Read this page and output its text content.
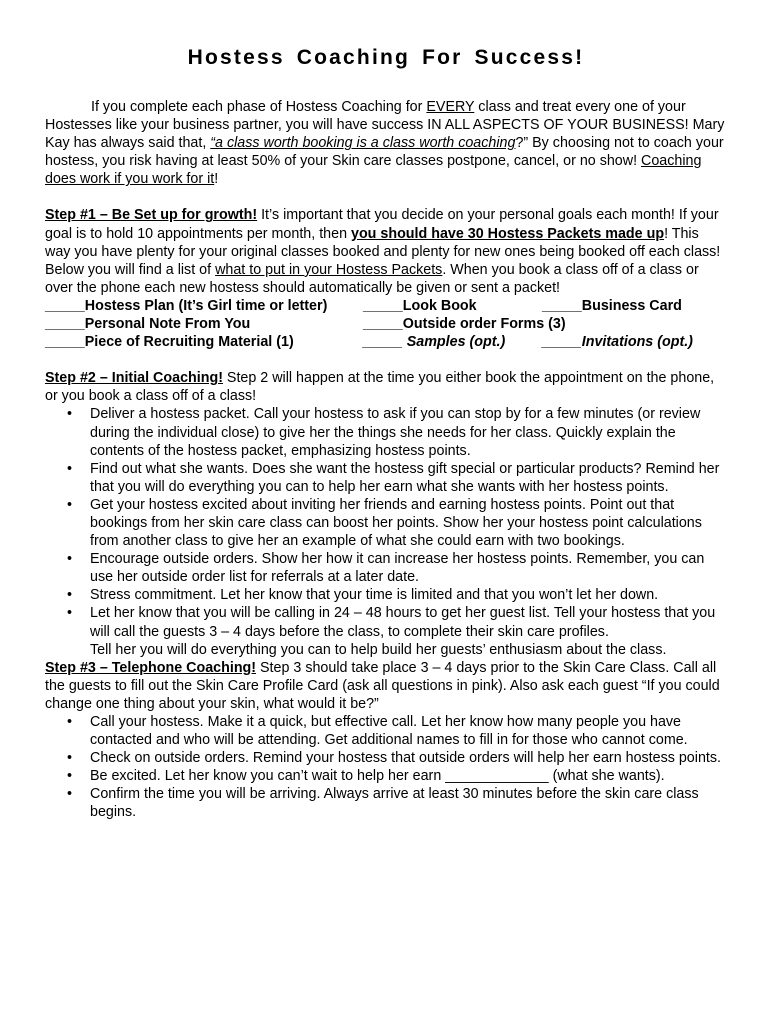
Hostess Coaching For Success!

If you complete each phase of Hostess Coaching for EVERY class and treat every one of your Hostesses like your business partner, you will have success IN ALL ASPECTS OF YOUR BUSINESS! Mary Kay has always said that, “a class worth booking is a class worth coaching?” By choosing not to coach your hostess, you risk having at least 50% of your Skin care classes postpone, cancel, or no show! Coaching does work if you work for it!

Step #1 – Be Set up for growth! It’s important that you decide on your personal goals each month! If your goal is to hold 10 appointments per month, then you should have 30 Hostess Packets made up! This way you have plenty for your original classes booked and plenty for new ones being booked off each class! Below you will find a list of what to put in your Hostess Packets. When you book a class off of a class or over the phone each new hostess should automatically be given or sent a packet!

_____Hostess Plan (It’s Girl time or letter)	_____Look Book	_____Business Card
_____Personal Note From You	_____Outside order Forms (3)
_____Piece of Recruiting Material (1)	_____ Samples (opt.)	_____Invitations (opt.)

Step #2 – Initial Coaching! Step 2 will happen at the time you either book the appointment on the phone, or you book a class off of a class!

• Deliver a hostess packet. Call your hostess to ask if you can stop by for a few minutes (or review during the individual close) to give her the things she needs for her class. Quickly explain the contents of the hostess packet, emphasizing hostess points.
• Find out what she wants. Does she want the hostess gift special or particular products? Remind her that you will do everything you can to help her earn what she wants with her hostess points.
• Get your hostess excited about inviting her friends and earning hostess points. Point out that bookings from her skin care class can boost her points. Show her your hostess point calculations from another class to give her an example of what she could earn with two bookings.
• Encourage outside orders. Show her how it can increase her hostess points. Remember, you can use her outside order list for referrals at a later date.
• Stress commitment. Let her know that your time is limited and that you won’t let her down.
• Let her know that you will be calling in 24 – 48 hours to get her guest list. Tell your hostess that you will call the guests 3 – 4 days before the class, to complete their skin care profiles.

Tell her you will do everything you can to help build her guests’ enthusiasm about the class.

Step #3 – Telephone Coaching! Step 3 should take place 3 – 4 days prior to the Skin Care Class. Call all the guests to fill out the Skin Care Profile Card (ask all questions in pink). Also ask each guest “If you could change one thing about your skin, what would it be?”

• Call your hostess. Make it a quick, but effective call. Let her know how many people you have contacted and who will be attending. Get additional names to fill in for those who cannot come.
• Check on outside orders. Remind your hostess that outside orders will help her earn hostess points.
• Be excited. Let her know you can’t wait to help her earn _____________ (what she wants).
• Confirm the time you will be arriving. Always arrive at least 30 minutes before the skin care class begins.
